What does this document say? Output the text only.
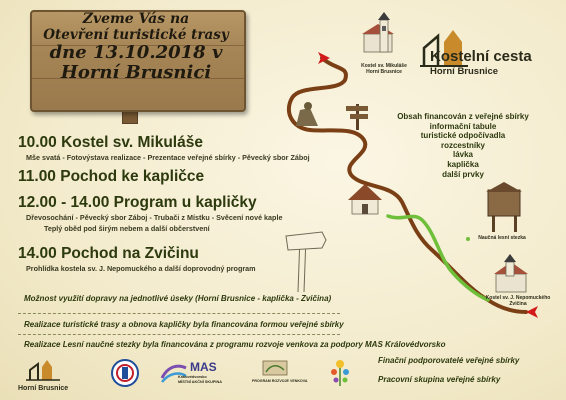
Zveme Vás na
Otevření turistické trasy
dne 13.10.2018 v
Horní Brusnici	Kostel sv. Mikuláše
Horní Brusnice
Naučná lesní stezka
Kostel sv. J. Nepomuckého
Zvičina
Kostelní cesta
Horní Brusnice
Obsah financován z veřejné sbírky
informační tabule
turistické odpočívadla
rozcestníky
lávka
kaplička
další prvky
10.00 Kostel sv. Mikuláše
Mše svatá - Fotovýstava realizace - Prezentace veřejné sbírky - Pěvecký sbor Záboj
11.00 Pochod ke kapličce
12.00 - 14.00 Program u kapličky
Dřevosochání - Pěvecký sbor Záboj - Trubači z Místku - Svěcení nové kaple
Teplý oběd pod širým nebem a další občerstvení
14.00 Pochod na Zvičinu
Prohlídka kostela sv. J. Nepomuckého a další doprovodný program
Možnost využití dopravy na jednotlivé úseky (Horní Brusnice - kaplička - Zvičina)
Realizace turistické trasy a obnova kapličky byla financována formou veřejné sbírky
Realizace Lesní naučné stezky byla financována z programu rozvoje venkova za podpory MAS Královédvorsko
Horní Brusnice
MAS
Královédvorsko
MÍSTNÍ AKČNÍ SKUPINA	PROGRAM ROZVOJE VENKOVA
Finační podporovatelé veřejné sbírky
Pracovní skupina veřejné sbírky
